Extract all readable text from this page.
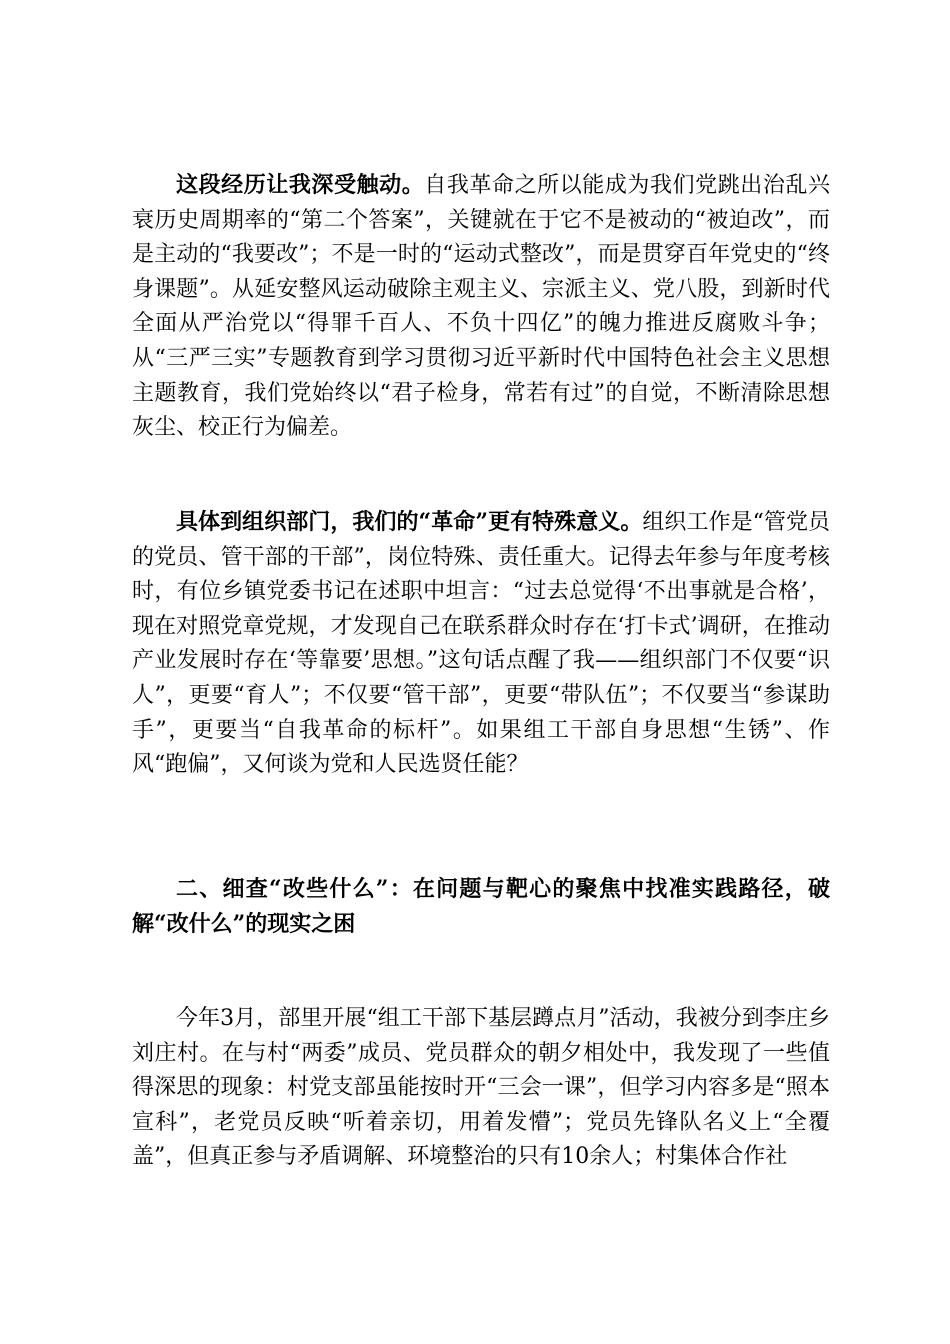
这段经历让我深受触动。自我革命之所以能成为我们党跳出治乱兴衰历史周期率的“第二个答案”，关键就在于它不是被动的“被迫改”，而是主动的“我要改”；不是一时的“运动式整改”，而是贯穿百年党史的“终身课题”。从延安整风运动破除主观主义、宗派主义、党八股，到新时代全面从严治党以“得罪千百人、不负十四亿”的魄力推进反腐败斗争；从“三严三实”专题教育到学习贯彻习近平新时代中国特色社会主义思想主题教育，我们党始终以“君子检身，常若有过”的自觉，不断清除思想灰尘、校正行为偏差。

具体到组织部门，我们的“革命”更有特殊意义。组织工作是“管党员的党员、管干部的干部”，岗位特殊、责任重大。记得去年参与年度考核时，有位乡镇党委书记在述职中坦言：“过去总觉得‘不出事就是合格’，现在对照党章党规，才发现自己在联系群众时存在‘打卡式’调研，在推动产业发展时存在‘等靠要’思想。”这句话点醒了我——组织部门不仅要“识人”，更要“育人”；不仅要“管干部”，更要“带队伍”；不仅要当“参谋助手”，更要当“自我革命的标杆”。如果组工干部自身思想“生锈”、作风“跑偏”，又何谈为党和人民选贤任能？

二、细查“改些什么”：在问题与靶心的聚焦中找准实践路径，破解“改什么”的现实之困

今年3月，部里开展“组工干部下基层蹲点月”活动，我被分到李庄乡刘庄村。在与村“两委”成员、党员群众的朝夕相处中，我发现了一些值得深思的现象：村党支部虽能按时开“三会一课”，但学习内容多是“照本宣科”，老党员反映“听着亲切，用着发懵”；党员先锋队名义上“全覆盖”，但真正参与矛盾调解、环境整治的只有10余人；村集体合作社
